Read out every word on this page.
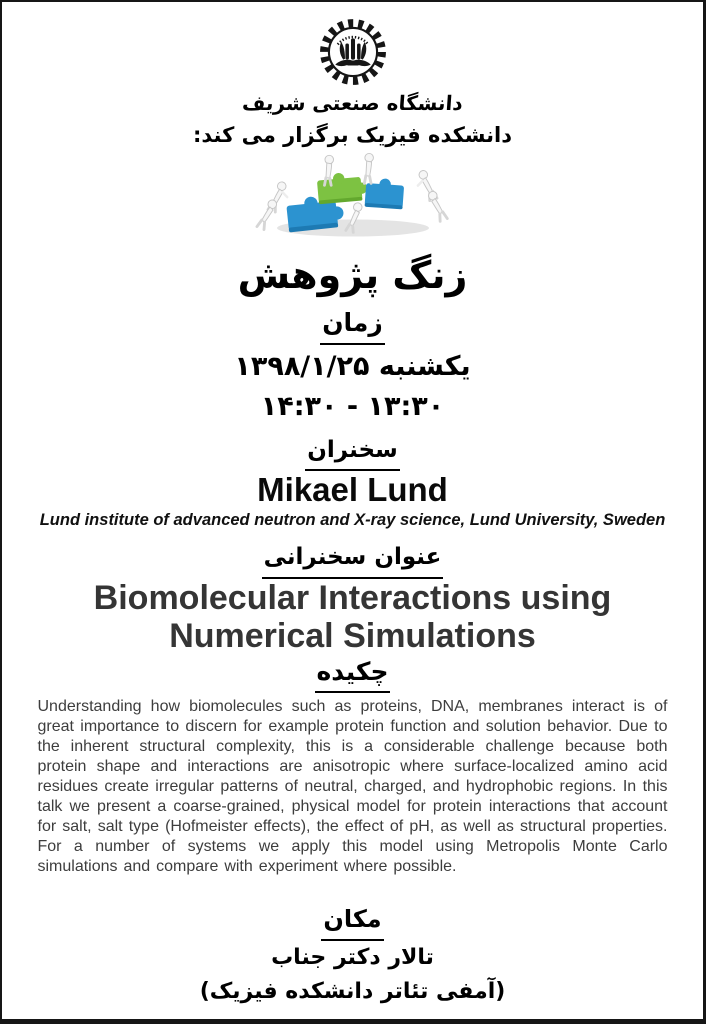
دانشگاه صنعتی شریف
دانشکده فیزیک برگزار می کند:
زنگ پژوهش
زمان
یکشنبه ۱۳۹۸/۱/۲۵
۱۳:۳۰ - ۱۴:۳۰
سخنران
Mikael Lund
Lund institute of advanced neutron and X-ray science, Lund University, Sweden
عنوان سخنرانی
Biomolecular Interactions using
Numerical Simulations
چکیده
Understanding how biomolecules such as proteins, DNA, membranes interact is of great importance to discern for example protein function and solution behavior. Due to the inherent structural complexity, this is a considerable challenge because both protein shape and interactions are anisotropic where surface-localized amino acid residues create irregular patterns of neutral, charged, and hydrophobic regions. In this talk we present a coarse-grained, physical model for protein interactions that account for salt, salt type (Hofmeister effects), the effect of pH, as well as structural properties. For a number of systems we apply this model using Metropolis Monte Carlo simulations and compare with experiment where possible.
مکان
تالار دکتر جناب
(آمفی تئاتر دانشکده فیزیک)
